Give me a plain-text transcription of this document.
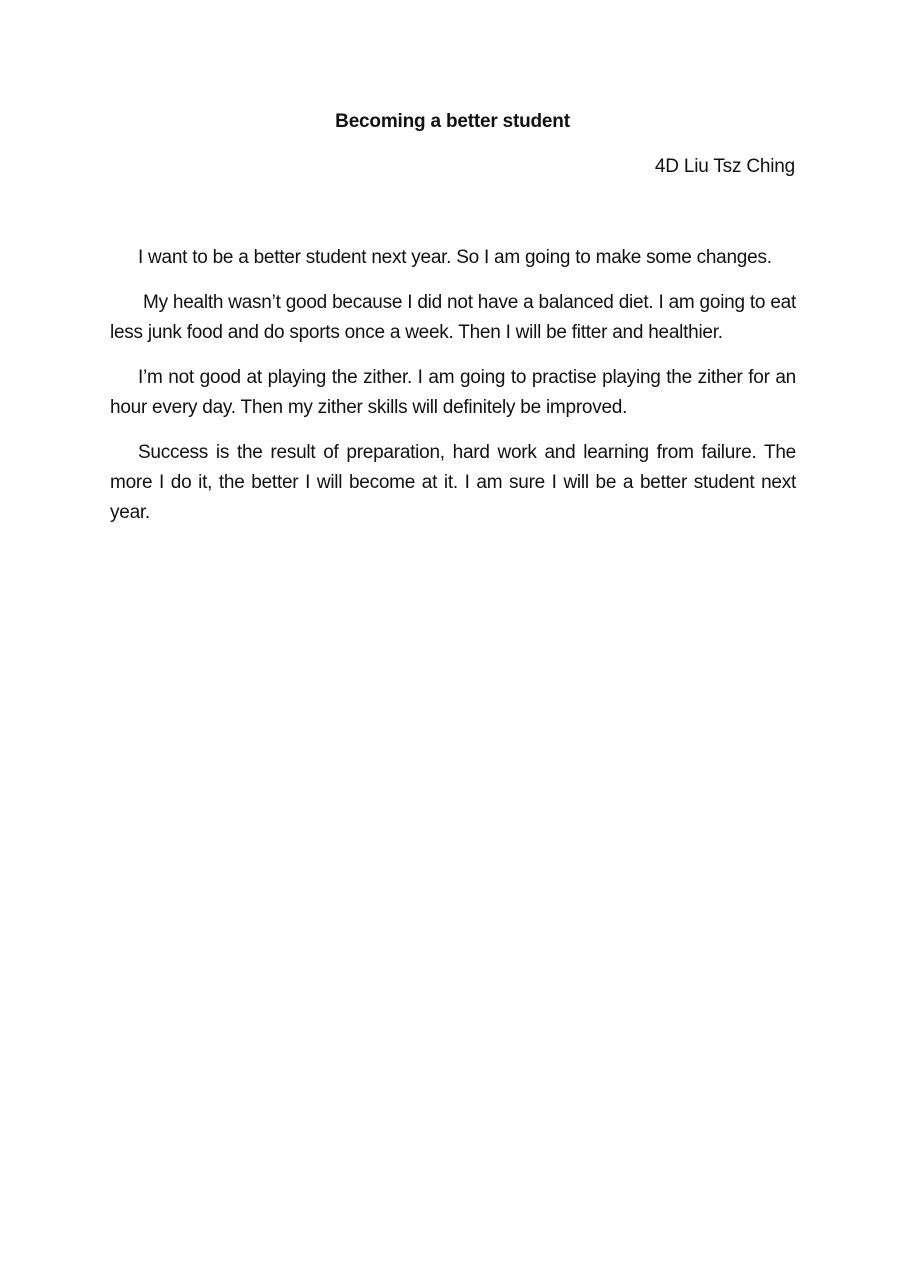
Becoming a better student
4D Liu Tsz Ching

I want to be a better student next year. So I am going to make some changes.

My health wasn’t good because I did not have a balanced diet. I am going to eat less junk food and do sports once a week. Then I will be fitter and healthier.

I’m not good at playing the zither. I am going to practise playing the zither for an hour every day. Then my zither skills will definitely be improved.

Success is the result of preparation, hard work and learning from failure. The more I do it, the better I will become at it. I am sure I will be a better student next year.
